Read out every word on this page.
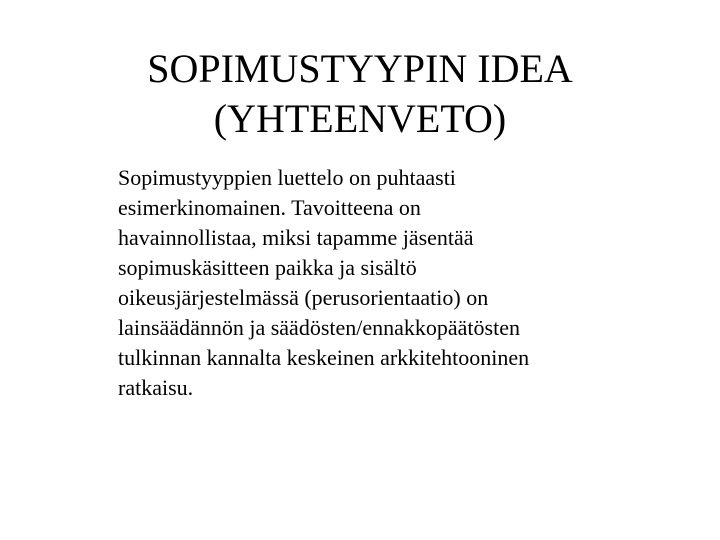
SOPIMUSTYYPIN IDEA
(YHTEENVETO)

Sopimustyyppien luettelo on puhtaasti
esimerkinomainen. Tavoitteena on
havainnollistaa, miksi tapamme jäsentää
sopimuskäsitteen paikka ja sisältö
oikeusjärjestelmässä (perusorientaatio) on
lainsäädännön ja säädösten/ennakkopäätösten
tulkinnan kannalta keskeinen arkkitehtooninen
ratkaisu.
